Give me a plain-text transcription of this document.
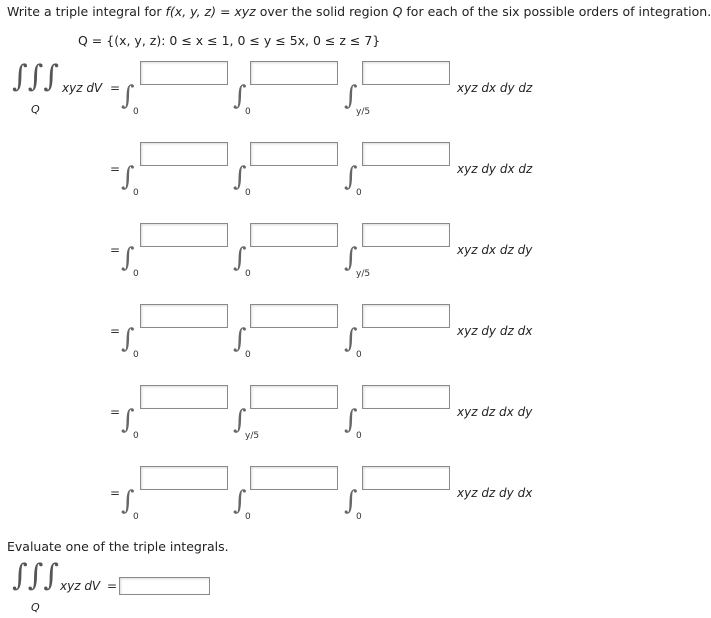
Write a triple integral for f(x, y, z) = xyz over the solid region Q for each of the six possible orders of integration.
Q = {(x, y, z): 0 ≤ x ≤ 1, 0 ≤ y ≤ 5x, 0 ≤ z ≤ 7}
∫∫∫ xyz dV =
Q	∫
0
∫
0
∫
y/5
xyz dx dy dz
= ∫
0
∫
0
∫
0
xyz dy dx dz
= ∫
0
∫
0
∫
y/5
xyz dx dz dy
= ∫
0
∫
0
∫
0
xyz dy dz dx
= ∫
0
∫
y/5
∫
0
xyz dz dx dy
= ∫
0
∫
0
∫
0
xyz dz dy dx
Evaluate one of the triple integrals.
∫∫∫ xyz dV =
Q
